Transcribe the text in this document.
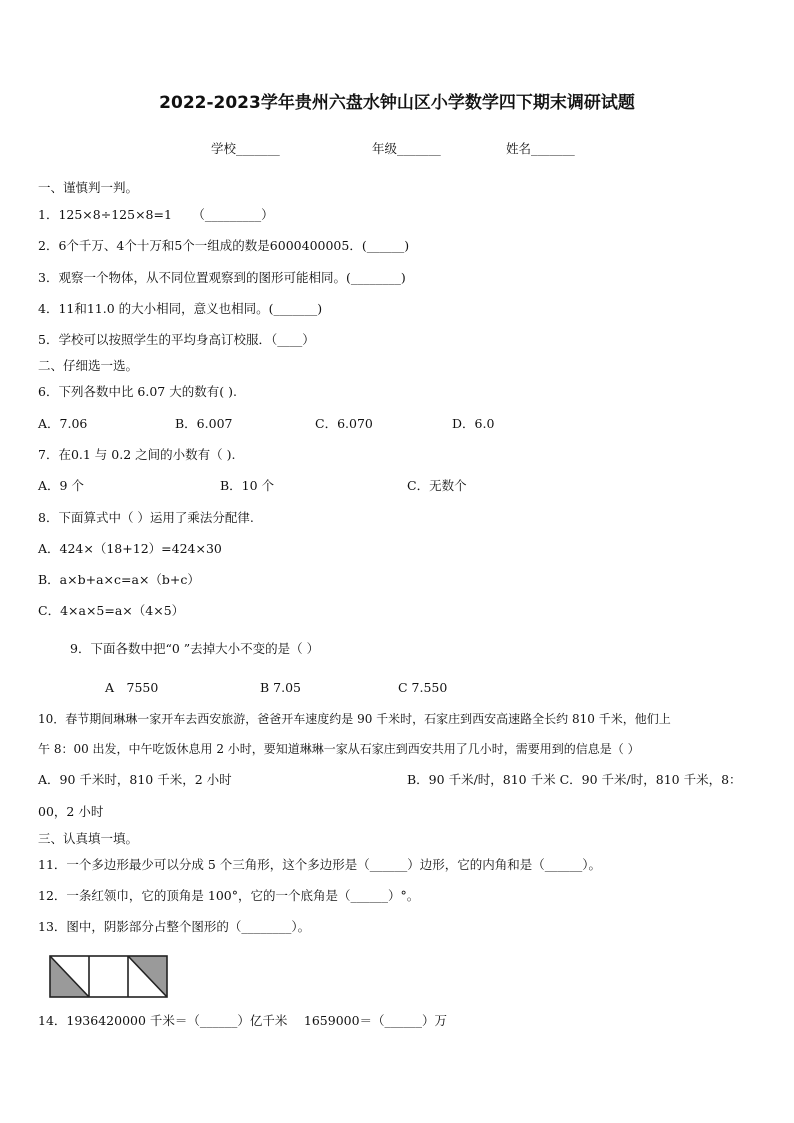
2022-2023学年贵州六盘水钟山区小学数学四下期末调研试题
学校_______	年级_______	姓名_______
一、谨慎判一判。
1．125×8÷125×8=1 　 （_________）
2．6个千万、4个十万和5个一组成的数是6000400005．(______)
3．观察一个物体，从不同位置观察到的图形可能相同。(________)
4．11和11.0 的大小相同，意义也相同。(_______)
5．学校可以按照学生的平均身高订校服．（____）
二、仔细选一选。
6．下列各数中比 6.07 大的数有( ).
A．7.06	B．6.007	C．6.070	D．6.0
7．在0.1 与 0.2 之间的小数有（ ).
A．9 个	B．10 个	C．无数个
8．下面算式中（ ）运用了乘法分配律.
A．424×（18+12）=424×30
B．a×b+a×c=a×（b+c）
C．4×a×5=a×（4×5）
9．下面各数中把“0 ”去掉大小不变的是（ ）
A　7550	B 7.05	C 7.550
10．春节期间琳琳一家开车去西安旅游，爸爸开车速度约是 90 千米时，石家庄到西安高速路全长约 810 千米，他们上
午 8：00 出发，中午吃饭休息用 2 小时，要知道琳琳一家从石家庄到西安共用了几小时，需要用到的信息是（ ）
A．90 千米时，810 千米，2 小时	B．90 千米/时，810 千米 C．90 千米/时，810 千米，8：
00，2 小时
三、认真填一填。
11．一个多边形最少可以分成 5 个三角形，这个多边形是（______）边形，它的内角和是（______）。
12．一条红领巾，它的顶角是 100°，它的一个底角是（______）°。
13．图中，阴影部分占整个图形的（________）。
14．1936420000 千米＝（______）亿千米　 1659000＝（______）万
